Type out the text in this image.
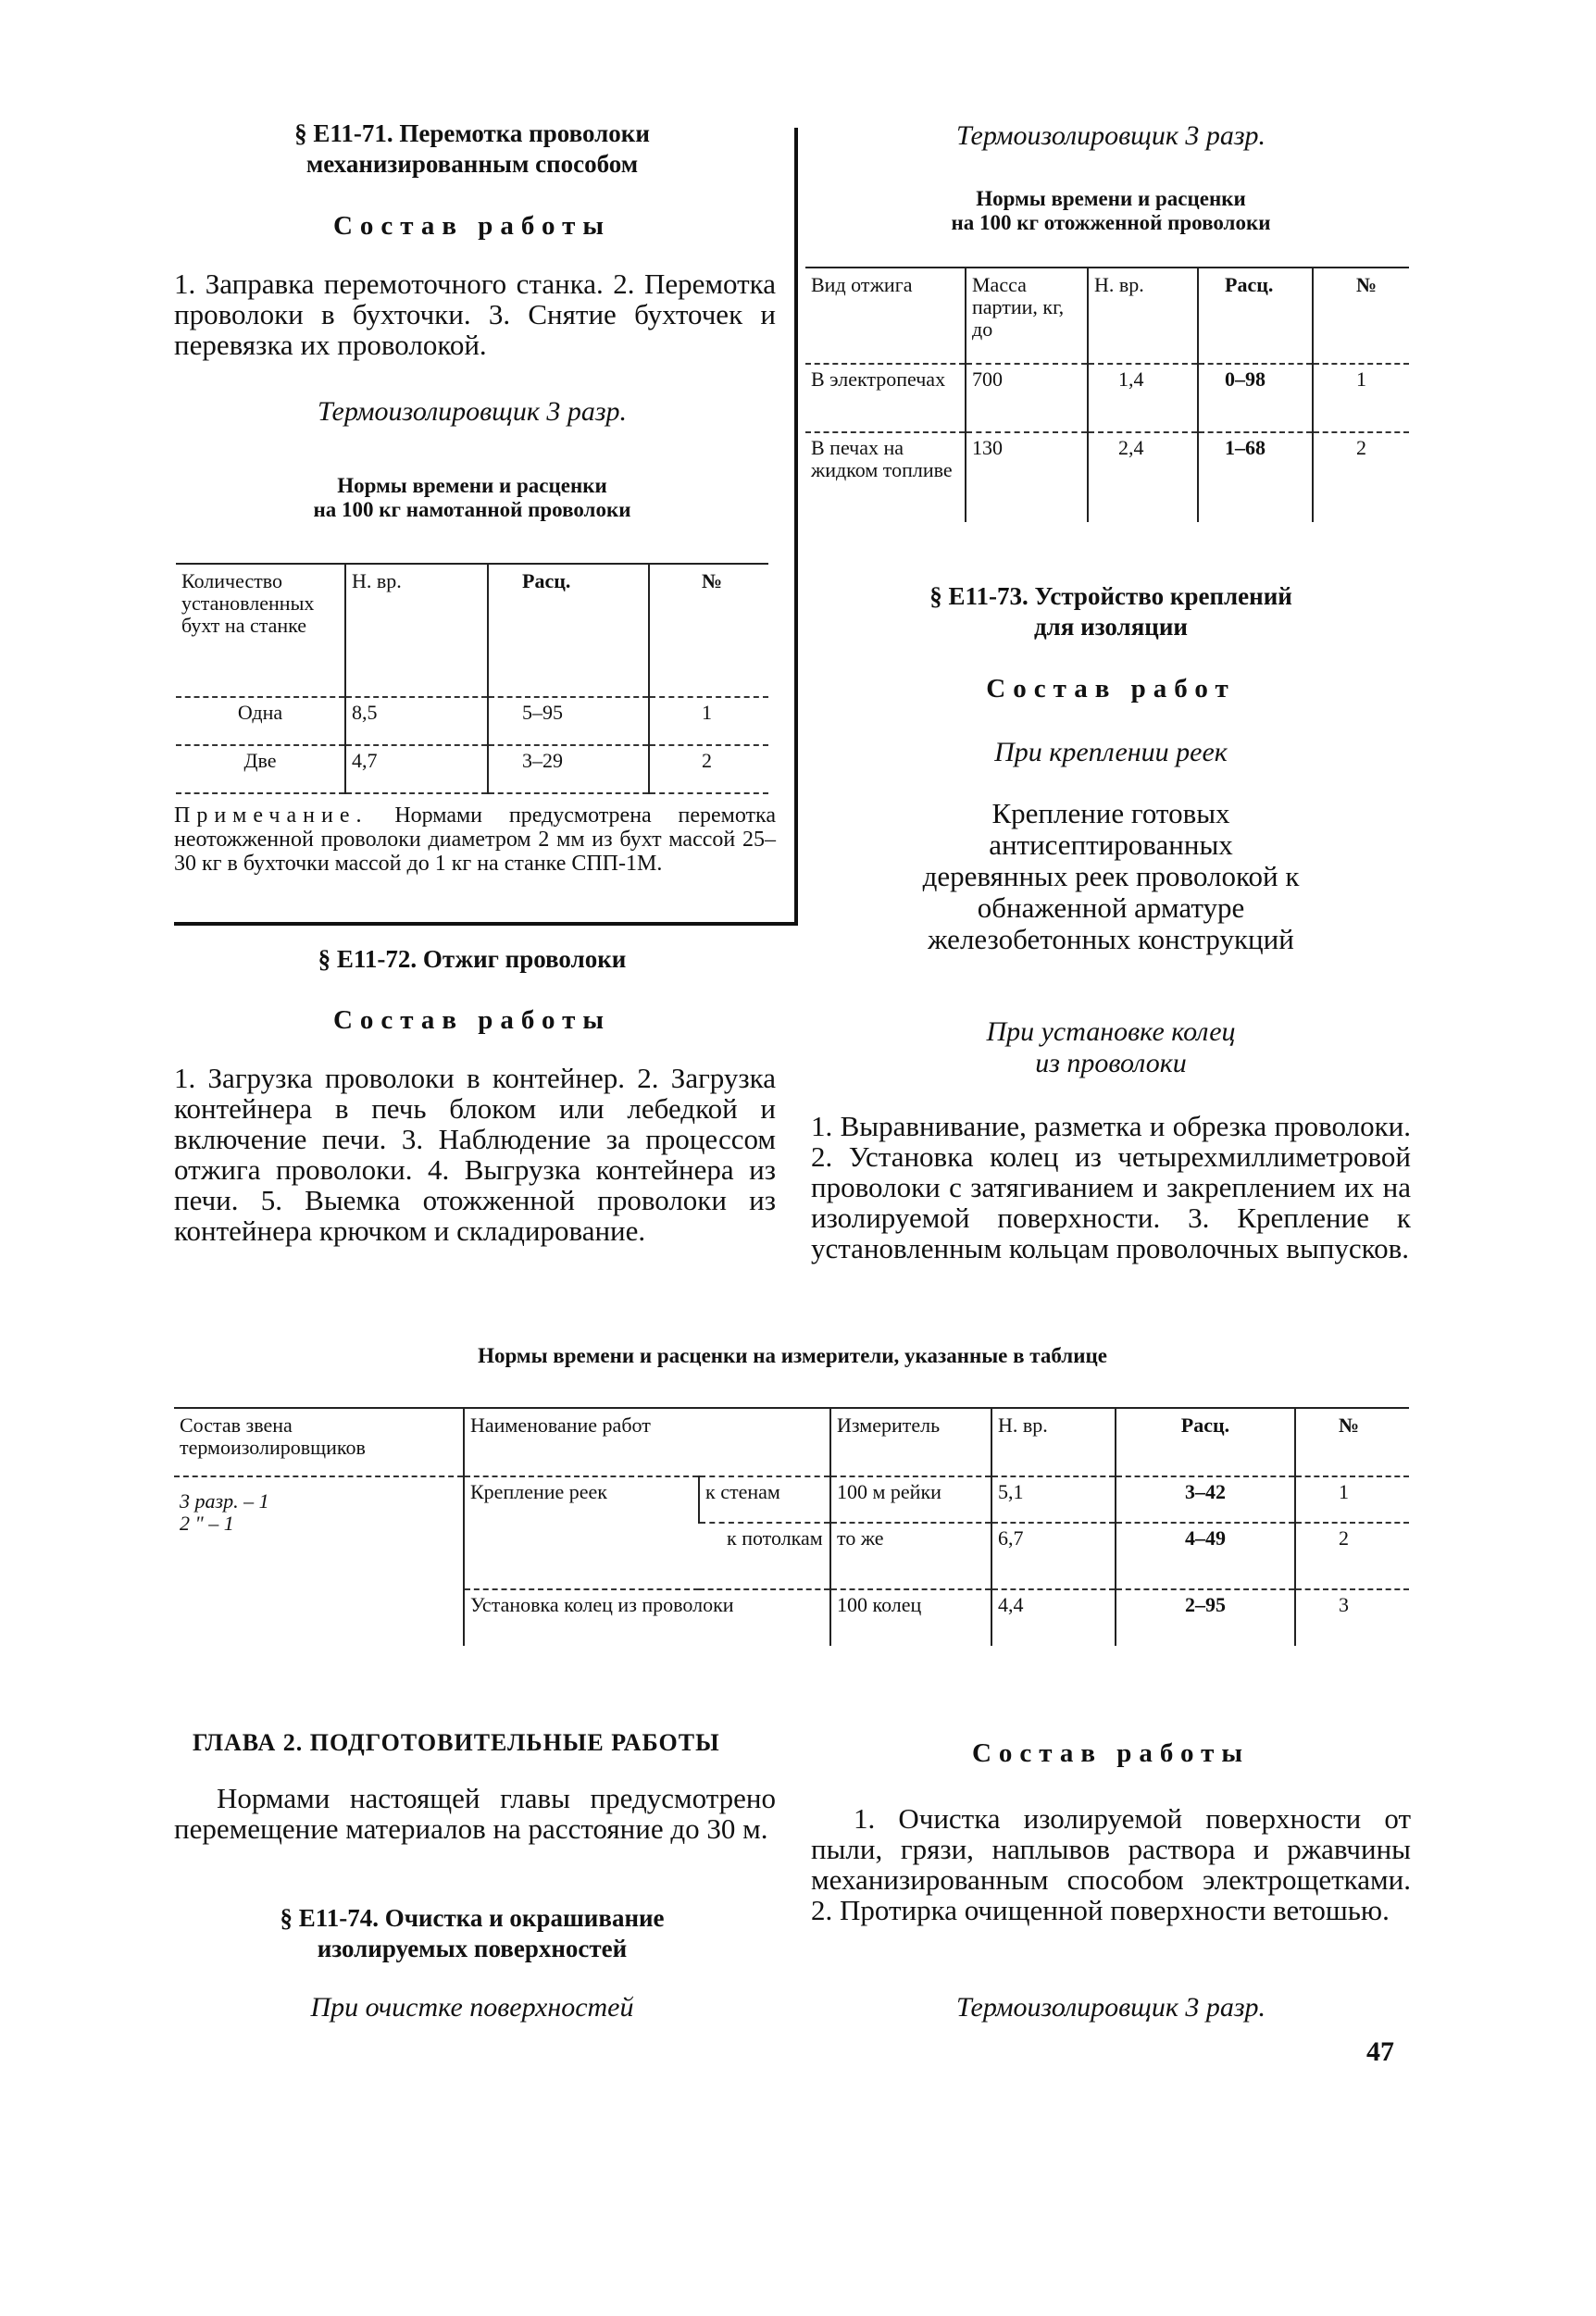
§ Е11-71. Перемотка проволоки
механизированным способом
Состав работы
1. Заправка перемоточного станка. 2. Перемотка проволоки в бухточки. 3. Снятие бухточек и перевязка их проволокой.
Термоизолировщик 3 разр.
Нормы времени и расценки
на 100 кг намотанной проволоки
Количество установленных бухт на станке	Н. вр.	Расц.	№

Одна	8,5	5–95	1

Две	4,7	3–29	2
Примечание. Нормами предусмотрена перемотка неотожженной проволоки диаметром 2 мм из бухт массой 25–30 кг в бухточки массой до 1 кг на станке СПП-1М.
§ Е11-72. Отжиг проволоки
Состав работы
1. Загрузка проволоки в контейнер. 2. Загрузка контейнера в печь блоком или лебедкой и включение печи. 3. Наблюдение за процессом отжига проволоки. 4. Выгрузка контейнера из печи. 5. Выемка отожженной проволоки из контейнера крючком и складирование.
Термоизолировщик 3 разр.
Нормы времени и расценки
на 100 кг отожженной проволоки
Вид отжига	Масса партии, кг, до	Н. вр.	Расц.	№

В электропечах	700	1,4	0–98	1

В печах на жидком топливе	130	2,4	1–68	2
§ Е11-73. Устройство креплений
для изоляции
Состав работ
При креплении реек
Крепление готовых антисептированных деревянных реек проволокой к обнаженной арматуре железобетонных конструкций
При установке колец
из проволоки
1. Выравнивание, разметка и обрезка проволоки. 2. Установка колец из четырехмиллиметровой проволоки с затягиванием и закреплением их на изолируемой поверхности. 3. Крепление к установленным кольцам проволочных выпусков.
Нормы времени и расценки на измерители, указанные в таблице
Состав звена термоизолировщиков	Наименование работ		Измеритель	Н. вр.	Расц.	№

3 разр. – 1
2 " – 1	Крепление реек	к стенам	100 м рейки	5,1	3–42	1

		к потолкам	то же	6,7	4–49	2

	Установка колец из проволоки		100 колец	4,4	2–95	3
ГЛАВА 2. ПОДГОТОВИТЕЛЬНЫЕ РАБОТЫ
Нормами настоящей главы предусмотрено перемещение материалов на расстояние до 30 м.
§ Е11-74. Очистка и окрашивание
изолируемых поверхностей
При очистке поверхностей
Состав работы
1. Очистка изолируемой поверхности от пыли, грязи, наплывов раствора и ржавчины механизированным способом электрощетками. 2. Протирка очищенной поверхности ветошью.
Термоизолировщик 3 разр.
47
